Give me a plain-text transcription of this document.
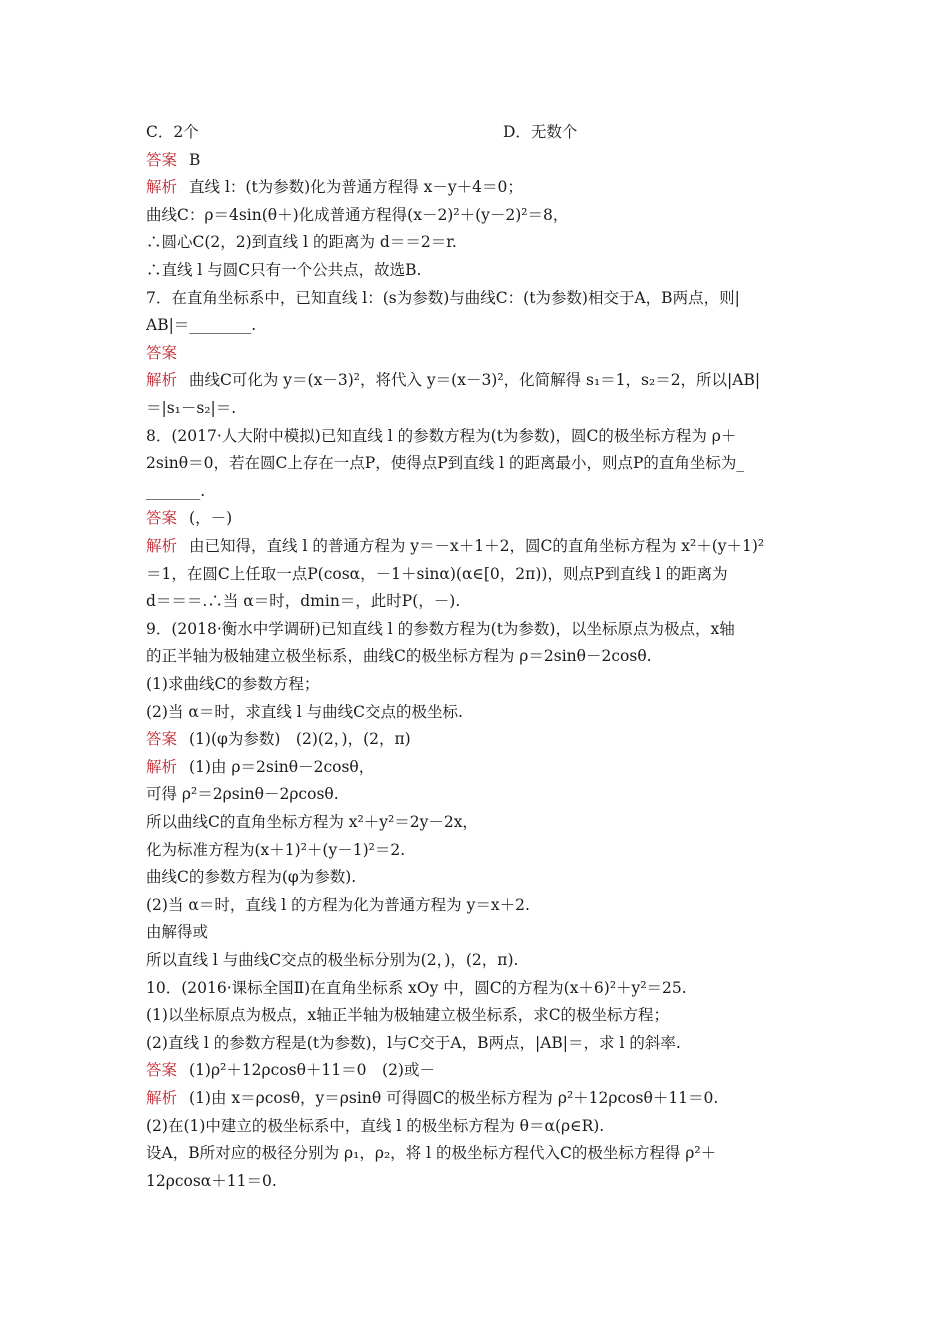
C．2个	D．无数个
答案 B
解析 直线 l：(t为参数)化为普通方程得 x－y＋4＝0；
曲线C：ρ＝4sin(θ＋)化成普通方程得(x－2)²＋(y－2)²＝8，
∴圆心C(2，2)到直线 l 的距离为 d＝＝2＝r.
∴直线 l 与圆C只有一个公共点，故选B.
7．在直角坐标系中，已知直线 l：(s为参数)与曲线C：(t为参数)相交于A，B两点，则|
AB|＝________.
答案
解析 曲线C可化为 y＝(x－3)²，将代入 y＝(x－3)²，化简解得 s₁＝1，s₂＝2，所以|AB|
＝|s₁－s₂|＝.
8．(2017·人大附中模拟)已知直线 l 的参数方程为(t为参数)，圆C的极坐标方程为 ρ＋
2sinθ＝0，若在圆C上存在一点P，使得点P到直线 l 的距离最小，则点P的直角坐标为_
_______.
答案 (，－)
解析 由已知得，直线 l 的普通方程为 y＝－x＋1＋2，圆C的直角坐标方程为 x²＋(y＋1)²
＝1，在圆C上任取一点P(cosα，－1＋sinα)(α∈[0，2π))，则点P到直线 l 的距离为
d＝＝＝.∴当 α＝时，dmin＝，此时P(，－).
9．(2018·衡水中学调研)已知直线 l 的参数方程为(t为参数)，以坐标原点为极点，x轴
的正半轴为极轴建立极坐标系，曲线C的极坐标方程为 ρ＝2sinθ－2cosθ.
(1)求曲线C的参数方程；
(2)当 α＝时，求直线 l 与曲线C交点的极坐标.
答案 (1)(φ为参数)　(2)(2，)，(2，π)
解析 (1)由 ρ＝2sinθ－2cosθ，
可得 ρ²＝2ρsinθ－2ρcosθ.
所以曲线C的直角坐标方程为 x²＋y²＝2y－2x，
化为标准方程为(x＋1)²＋(y－1)²＝2.
曲线C的参数方程为(φ为参数).
(2)当 α＝时，直线 l 的方程为化为普通方程为 y＝x＋2.
由解得或
所以直线 l 与曲线C交点的极坐标分别为(2，)，(2，π).
10．(2016·课标全国Ⅱ)在直角坐标系 xOy 中，圆C的方程为(x＋6)²＋y²＝25.
(1)以坐标原点为极点，x轴正半轴为极轴建立极坐标系，求C的极坐标方程；
(2)直线 l 的参数方程是(t为参数)，l与C交于A，B两点，|AB|＝，求 l 的斜率.
答案 (1)ρ²＋12ρcosθ＋11＝0　(2)或－
解析 (1)由 x＝ρcosθ，y＝ρsinθ 可得圆C的极坐标方程为 ρ²＋12ρcosθ＋11＝0.
(2)在(1)中建立的极坐标系中，直线 l 的极坐标方程为 θ＝α(ρ∈R).
设A，B所对应的极径分别为 ρ₁，ρ₂，将 l 的极坐标方程代入C的极坐标方程得 ρ²＋
12ρcosα＋11＝0.
